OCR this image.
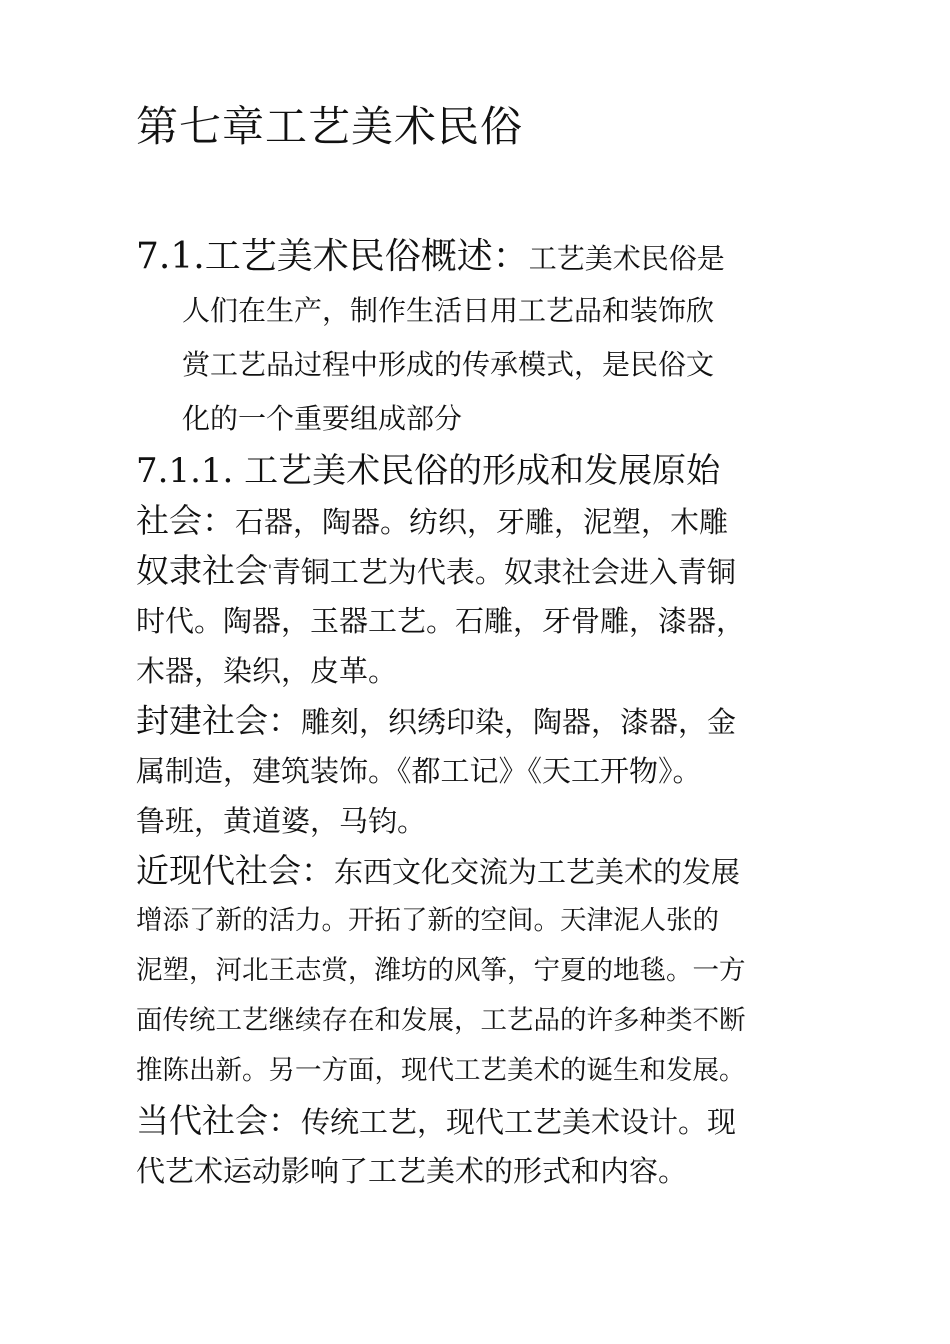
第七章工艺美术民俗
7.1.工艺美术民俗概述：工艺美术民俗是
人们在生产，制作生活日用工艺品和装饰欣
赏工艺品过程中形成的传承模式，是民俗文
化的一个重要组成部分
7.1.1. 工艺美术民俗的形成和发展原始
社会：石器，陶器。纺织，牙雕，泥塑，木雕
奴隶社会'青铜工艺为代表。奴隶社会进入青铜
时代。陶器，玉器工艺。石雕，牙骨雕，漆器，
木器，染织，皮革。
封建社会：雕刻，织绣印染，陶器，漆器，金
属制造，建筑装饰。《都工记》《天工开物》。
鲁班，黄道婆，马钧。
近现代社会：东西文化交流为工艺美术的发展
增添了新的活力。开拓了新的空间。天津泥人张的
泥塑，河北王志赏，潍坊的风筝，宁夏的地毯。一方
面传统工艺继续存在和发展，工艺品的许多种类不断
推陈出新。另一方面，现代工艺美术的诞生和发展。
当代社会：传统工艺，现代工艺美术设计。现
代艺术运动影响了工艺美术的形式和内容。
